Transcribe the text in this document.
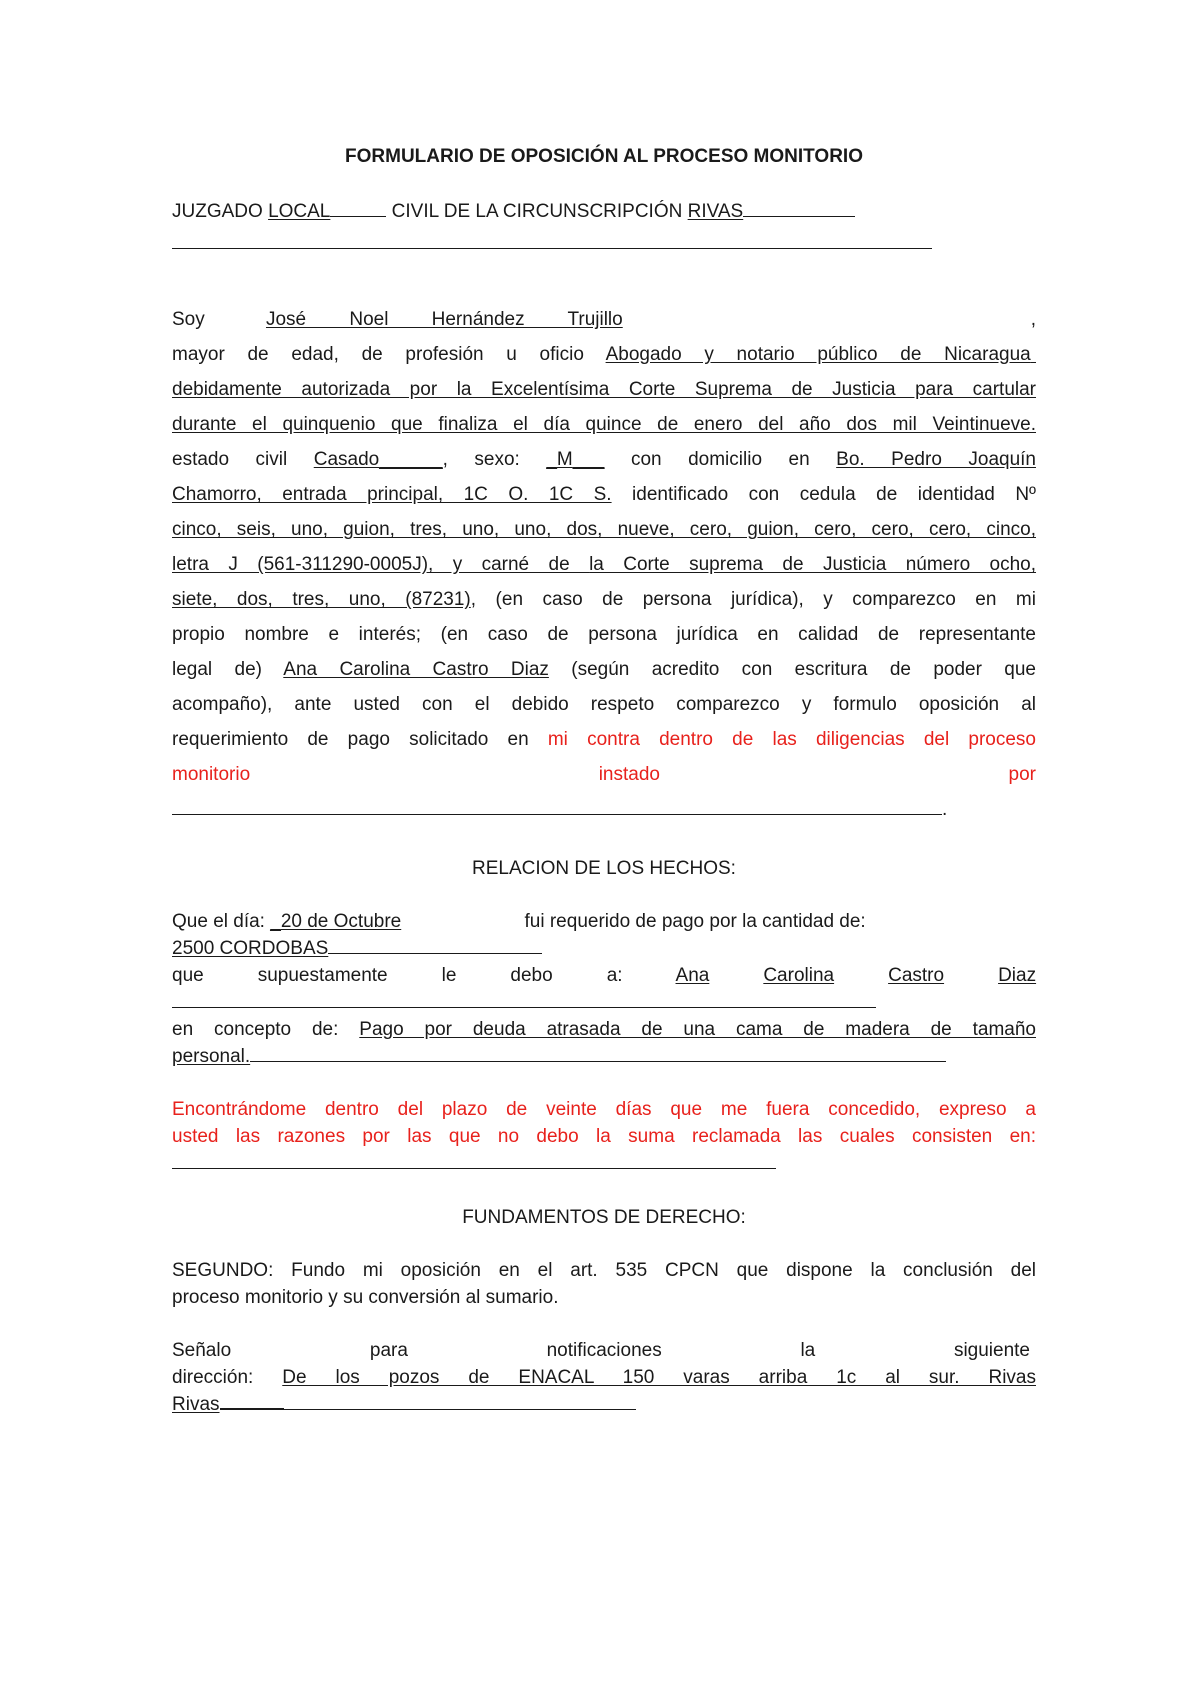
FORMULARIO DE OPOSICIÓN AL PROCESO MONITORIO
JUZGADO LOCAL	CIVIL DE LA CIRCUNSCRIPCIÓN RIVAS
Soy	José Noel Hernández Trujillo	,
mayor de edad, de profesión u oficio Abogado y notario público de Nicaragua
debidamente autorizada por la Excelentísima Corte Suprema de Justicia para cartular
durante el quinquenio que finaliza el día quince de enero del año dos mil Veintinueve.
estado civil Casado______, sexo: _M___ con domicilio en Bo. Pedro Joaquín
Chamorro, entrada principal, 1C O. 1C S. identificado con cedula de identidad Nº
cinco, seis, uno, guion, tres, uno, uno, dos, nueve, cero, guion, cero, cero, cero, cinco,
letra J (561-311290-0005J), y carné de la Corte suprema de Justicia número ocho,
siete, dos, tres, uno, (87231), (en caso de persona jurídica), y comparezco en mi
propio nombre e interés; (en caso de persona jurídica en calidad de representante
legal de) Ana Carolina Castro Diaz (según acredito con escritura de poder que
acompaño), ante usted con el debido respeto comparezco y formulo oposición al
requerimiento de pago solicitado en mi contra dentro de las diligencias del proceso
monitorio	instado	por
.
RELACION DE LOS HECHOS:
Que el día: _20 de Octubre	fui requerido de pago por la cantidad de:
2500 CORDOBAS
que	supuestamente	le	debo	a:	Ana	Carolina	Castro	Diaz
en concepto de: Pago por deuda atrasada de una cama de madera de tamaño
personal.
Encontrándome dentro del plazo de veinte días que me fuera concedido, expreso a
usted las razones por las que no debo la suma reclamada las cuales consisten en:
FUNDAMENTOS DE DERECHO:
SEGUNDO: Fundo mi oposición en el art. 535 CPCN que dispone la conclusión del
proceso monitorio y su conversión al sumario.
Señalo	para	notificaciones	la	siguiente
dirección: De los pozos de ENACAL 150 varas arriba 1c al sur. Rivas
Rivas
